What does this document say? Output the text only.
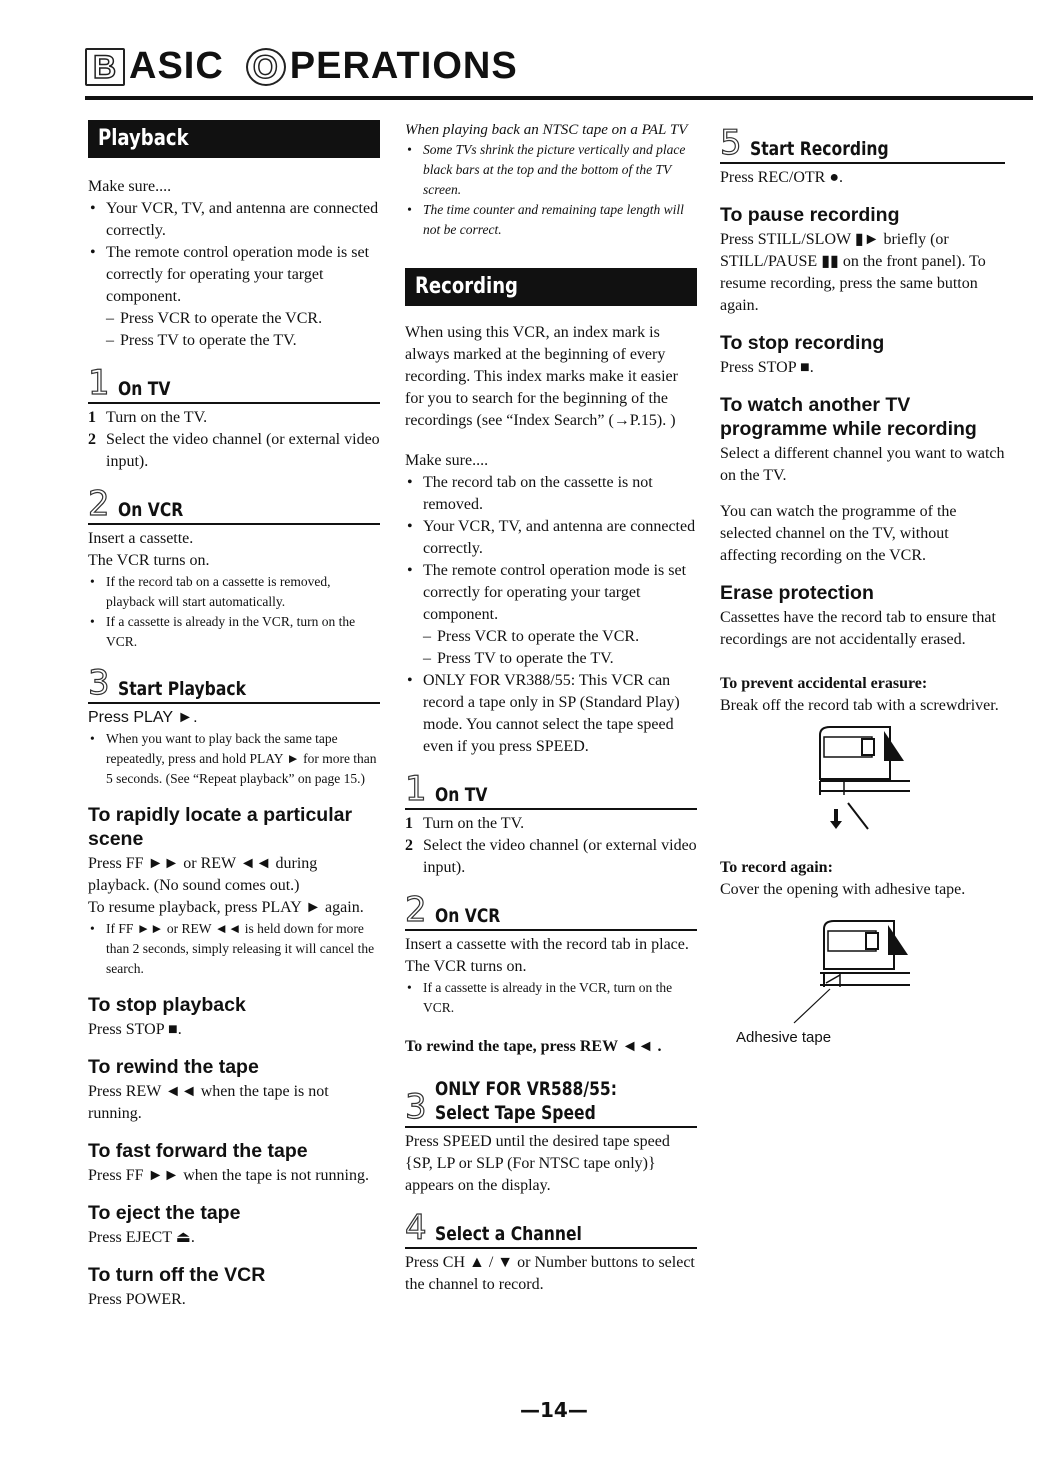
B ASIC O PERATIONS
Playback

Make sure....

• Your VCR, TV, and antenna are connected correctly.
• The remote control operation mode is set correctly for operating your target component.
– Press VCR to operate the VCR.
– Press TV to operate the TV.
1 On TV
1 Turn on the TV.
2 Select the video channel (or external video input).
2 On VCR

Insert a cassette.

The VCR turns on.

• If the record tab on a cassette is removed, playback will start automatically.
• If a cassette is already in the VCR, turn on the VCR.
3 Start Playback

Press PLAY ►.

• When you want to play back the same tape repeatedly, press and hold PLAY ► for more than 5 seconds. (See “Repeat playback” on page 15.)
To rapidly locate a particular scene

Press FF ►► or REW ◄◄ during playback. (No sound comes out.)

To resume playback, press PLAY ► again.

• If FF ►► or REW ◄◄ is held down for more than 2 seconds, simply releasing it will cancel the search.
To stop playback

Press STOP ■.

To rewind the tape

Press REW ◄◄ when the tape is not running.

To fast forward the tape

Press FF ►► when the tape is not running.

To eject the tape

Press EJECT ⏏.

To turn off the VCR

Press POWER.

When playing back an NTSC tape on a PAL TV

• Some TVs shrink the picture vertically and place black bars at the top and the bottom of the TV screen.
• The time counter and remaining tape length will not be correct.
Recording

When using this VCR, an index mark is always marked at the beginning of every recording. This index marks make it easier for you to search for the beginning of the recordings (see “Index Search” (→P.15). )

Make sure....

• The record tab on the cassette is not removed.
• Your VCR, TV, and antenna are connected correctly.
• The remote control operation mode is set correctly for operating your target component.
– Press VCR to operate the VCR.
– Press TV to operate the TV.
• ONLY FOR VR388/55: This VCR can record a tape only in SP (Standard Play) mode. You cannot select the tape speed even if you press SPEED.
1 On TV
1 Turn on the TV.
2 Select the video channel (or external video input).
2 On VCR

Insert a cassette with the record tab in place.

The VCR turns on.

• If a cassette is already in the VCR, turn on the VCR.

To rewind the tape, press REW ◄◄ .

3 ONLY FOR VR588/55:
Select Tape Speed

Press SPEED until the desired tape speed {SP, LP or SLP (For NTSC tape only)} appears on the display.

4 Select a Channel

Press CH ▲ / ▼ or Number buttons to select the channel to record.

5 Start Recording

Press REC/OTR ●.

To pause recording

Press STILL/SLOW ▮► briefly (or STILL/PAUSE ▮▮ on the front panel). To resume recording, press the same button again.

To stop recording

Press STOP ■.

To watch another TV programme while recording

Select a different channel you want to watch on the TV.

You can watch the programme of the selected channel on the TV, without affecting recording on the VCR.

Erase protection

Cassettes have the record tab to ensure that recordings are not accidentally erased.

To prevent accidental erasure:

Break off the record tab with a screwdriver.

To record again:

Cover the opening with adhesive tape.

Adhesive tape

—14—
